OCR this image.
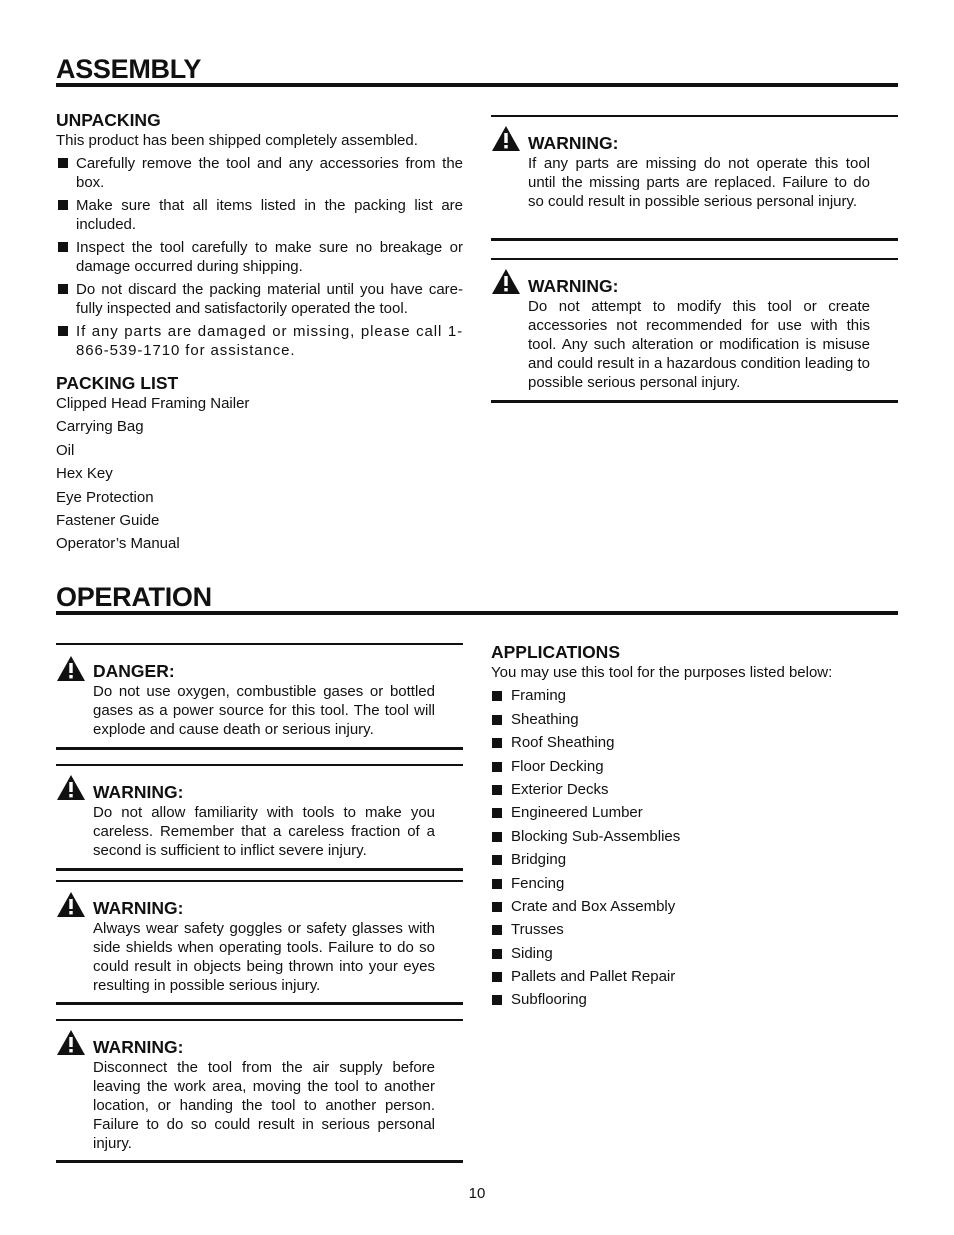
ASSEMBLY
UNPACKING
This product has been shipped completely assembled.
Carefully remove the tool and any accessories from the box.
Make sure that all items listed in the packing list are included.
Inspect the tool carefully to make sure no breakage or damage occurred during shipping.
Do not discard the packing material until you have care-fully inspected and satisfactorily operated the tool.
If any parts are damaged or missing, please call 1-866-539-1710 for assistance.
PACKING LIST
Clipped Head Framing Nailer
Carrying Bag
Oil
Hex Key
Eye Protection
Fastener Guide
Operator’s Manual
WARNING:
If any parts are missing do not operate this tool until the missing parts are replaced. Failure to do so could result in possible serious personal injury.
WARNING:
Do not attempt to modify this tool or create accessories not recommended for use with this tool. Any such alteration or modification is misuse and could result in a hazardous condition leading to possible serious personal injury.
OPERATION
DANGER:
Do not use oxygen, combustible gases or bottled gases as a power source for this tool. The tool will explode and cause death or serious injury.
WARNING:
Do not allow familiarity with tools to make you careless. Remember that a careless fraction of a second is sufficient to inflict severe injury.
WARNING:
Always wear safety goggles or safety glasses with side shields when operating tools. Failure to do so could result in objects being thrown into your eyes resulting in possible serious injury.
WARNING:
Disconnect the tool from the air supply before leaving the work area, moving the tool to another location, or handing the tool to another person. Failure to do so could result in serious personal injury.
APPLICATIONS
You may use this tool for the purposes listed below:
Framing
Sheathing
Roof Sheathing
Floor Decking
Exterior Decks
Engineered Lumber
Blocking Sub-Assemblies
Bridging
Fencing
Crate and Box Assembly
Trusses
Siding
Pallets and Pallet Repair
Subflooring
10
